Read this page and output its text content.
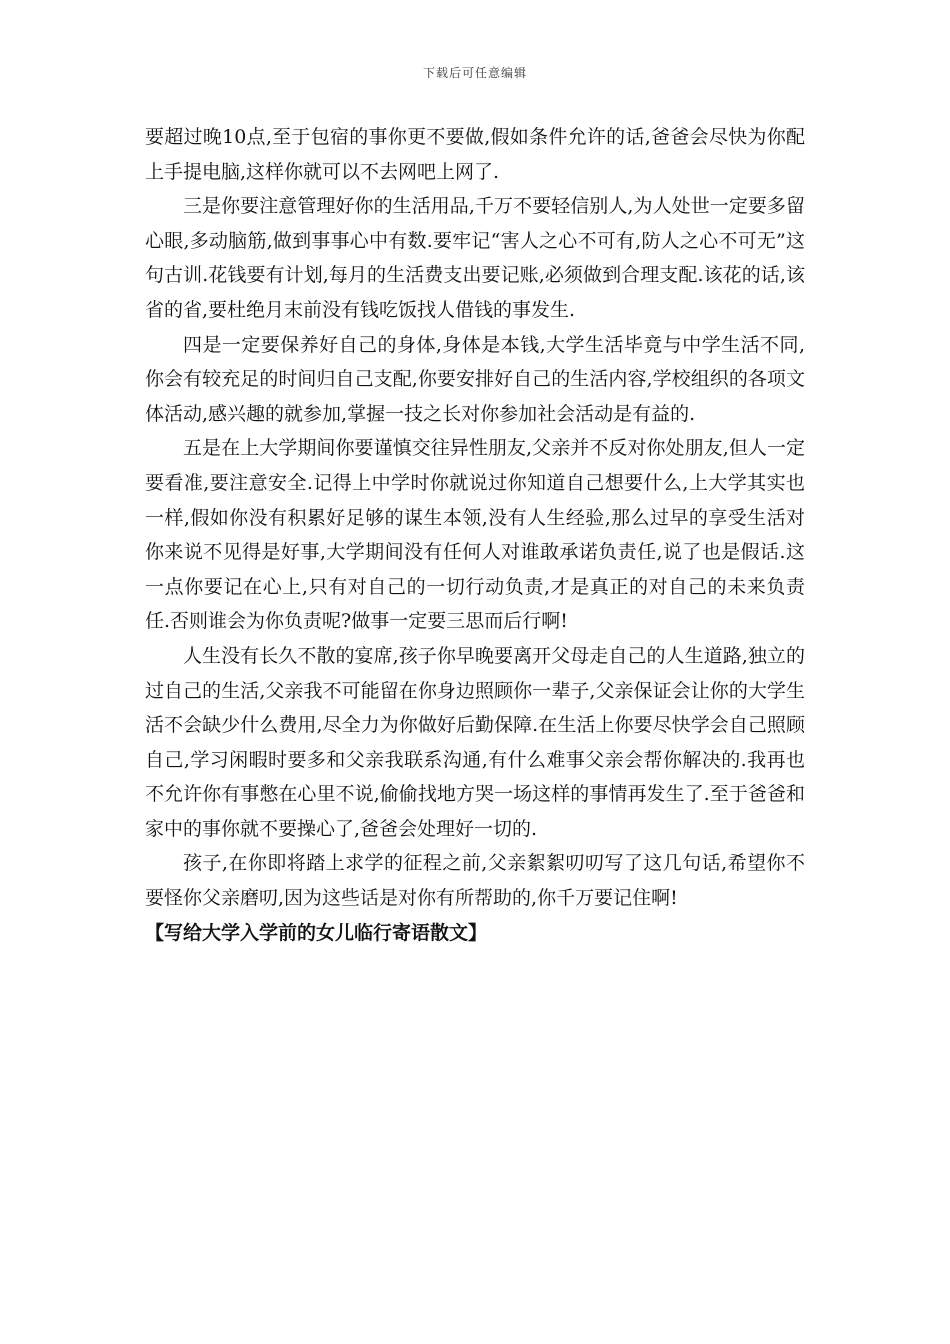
下载后可任意编辑

要超过晚10点,至于包宿的事你更不要做,假如条件允许的话,爸爸会尽快为你配上手提电脑,这样你就可以不去网吧上网了.

三是你要注意管理好你的生活用品,千万不要轻信别人,为人处世一定要多留心眼,多动脑筋,做到事事心中有数.要牢记“害人之心不可有,防人之心不可无”这句古训.花钱要有计划,每月的生活费支出要记账,必须做到合理支配.该花的话,该省的省,要杜绝月末前没有钱吃饭找人借钱的事发生.

四是一定要保养好自己的身体,身体是本钱,大学生活毕竟与中学生活不同,你会有较充足的时间归自己支配,你要安排好自己的生活内容,学校组织的各项文体活动,感兴趣的就参加,掌握一技之长对你参加社会活动是有益的.

五是在上大学期间你要谨慎交往异性朋友,父亲并不反对你处朋友,但人一定要看准,要注意安全.记得上中学时你就说过你知道自己想要什么,上大学其实也一样,假如你没有积累好足够的谋生本领,没有人生经验,那么过早的享受生活对你来说不见得是好事,大学期间没有任何人对谁敢承诺负责任,说了也是假话.这一点你要记在心上,只有对自己的一切行动负责,才是真正的对自己的未来负责任.否则谁会为你负责呢?做事一定要三思而后行啊!

人生没有长久不散的宴席,孩子你早晚要离开父母走自己的人生道路,独立的过自己的生活,父亲我不可能留在你身边照顾你一辈子,父亲保证会让你的大学生活不会缺少什么费用,尽全力为你做好后勤保障.在生活上你要尽快学会自己照顾自己,学习闲暇时要多和父亲我联系沟通,有什么难事父亲会帮你解决的.我再也不允许你有事憋在心里不说,偷偷找地方哭一场这样的事情再发生了.至于爸爸和家中的事你就不要操心了,爸爸会处理好一切的.

孩子,在你即将踏上求学的征程之前,父亲絮絮叨叨写了这几句话,希望你不要怪你父亲磨叨,因为这些话是对你有所帮助的,你千万要记住啊!

【写给大学入学前的女儿临行寄语散文】
